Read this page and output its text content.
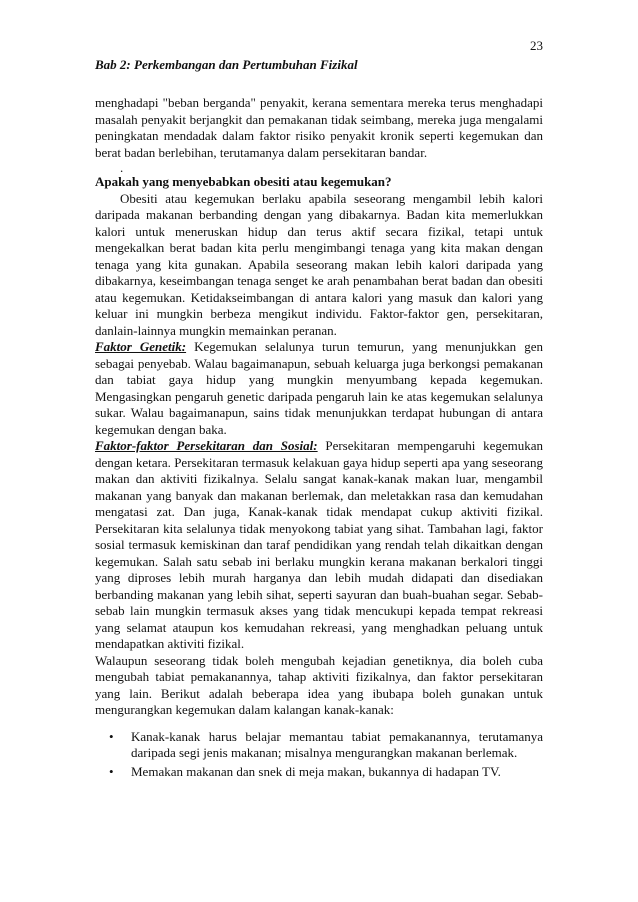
23
Bab 2: Perkembangan dan Pertumbuhan Fizikal

menghadapi "beban berganda" penyakit, kerana sementara mereka terus menghadapi masalah penyakit berjangkit dan pemakanan tidak seimbang, mereka juga mengalami peningkatan mendadak dalam faktor risiko penyakit kronik seperti kegemukan dan berat badan berlebihan, terutamanya dalam persekitaran bandar.

.

Apakah yang menyebabkan obesiti atau kegemukan?

Obesiti atau kegemukan berlaku apabila seseorang mengambil lebih kalori daripada makanan berbanding dengan yang dibakarnya. Badan kita memerlukkan kalori untuk meneruskan hidup dan terus aktif secara fizikal, tetapi untuk mengekalkan berat badan kita perlu mengimbangi tenaga yang kita makan dengan tenaga yang kita gunakan. Apabila seseorang makan lebih kalori daripada yang dibakarnya, keseimbangan tenaga senget ke arah penambahan berat badan dan obesiti atau kegemukan. Ketidakseimbangan di antara kalori yang masuk dan kalori yang keluar ini mungkin berbeza mengikut individu. Faktor-faktor gen, persekitaran, danlain-lainnya mungkin memainkan peranan.

Faktor Genetik: Kegemukan selalunya turun temurun, yang menunjukkan gen sebagai penyebab. Walau bagaimanapun, sebuah keluarga juga berkongsi pemakanan dan tabiat gaya hidup yang mungkin menyumbang kepada kegemukan. Mengasingkan pengaruh genetic daripada pengaruh lain ke atas kegemukan selalunya sukar. Walau bagaimanapun, sains tidak menunjukkan terdapat hubungan di antara kegemukan dengan baka.

Faktor-faktor Persekitaran dan Sosial: Persekitaran mempengaruhi kegemukan dengan ketara. Persekitaran termasuk kelakuan gaya hidup seperti apa yang seseorang makan dan aktiviti fizikalnya. Selalu sangat kanak-kanak makan luar, mengambil makanan yang banyak dan makanan berlemak, dan meletakkan rasa dan kemudahan mengatasi zat. Dan juga, Kanak-kanak tidak mendapat cukup aktiviti fizikal. Persekitaran kita selalunya tidak menyokong tabiat yang sihat. Tambahan lagi, faktor sosial termasuk kemiskinan dan taraf pendidikan yang rendah telah dikaitkan dengan kegemukan. Salah satu sebab ini berlaku mungkin kerana makanan berkalori tinggi yang diproses lebih murah harganya dan lebih mudah didapati dan disediakan berbanding makanan yang lebih sihat, seperti sayuran dan buah-buahan segar. Sebab-sebab lain mungkin termasuk akses yang tidak mencukupi kepada tempat rekreasi yang selamat ataupun kos kemudahan rekreasi, yang menghadkan peluang untuk mendapatkan aktiviti fizikal.

Walaupun seseorang tidak boleh mengubah kejadian genetiknya, dia boleh cuba mengubah tabiat pemakanannya, tahap aktiviti fizikalnya, dan faktor persekitaran yang lain. Berikut adalah beberapa idea yang ibubapa boleh gunakan untuk mengurangkan kegemukan dalam kalangan kanak-kanak:

• Kanak-kanak harus belajar memantau tabiat pemakanannya, terutamanya daripada segi jenis makanan; misalnya mengurangkan makanan berlemak.
• Memakan makanan dan snek di meja makan, bukannya di hadapan TV.
